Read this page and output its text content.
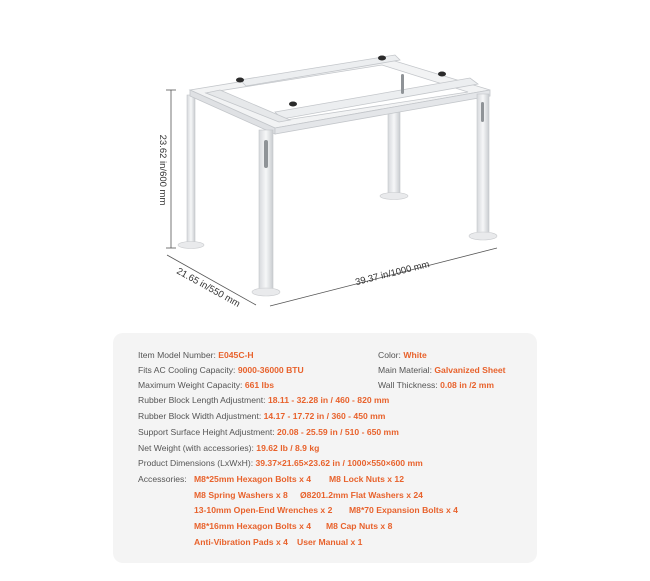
23.62 in/600 mm
21.65 in/550 mm	39.37 in/1000 mm
Item Model Number: E045C-H
Fits AC Cooling Capacity: 9000-36000 BTU
Maximum Weight Capacity: 661 lbs
Rubber Block Length Adjustment: 18.11 - 32.28 in / 460 - 820 mm
Rubber Block Width Adjustment: 14.17 - 17.72 in / 360 - 450 mm
Support Surface Height Adjustment: 20.08 - 25.59 in / 510 - 650 mm
Net Weight (with accessories): 19.62 lb / 8.9 kg
Product Dimensions (LxWxH): 39.37×21.65×23.62 in / 1000×550×600 mm
Color: White
Main Material: Galvanized Sheet
Wall Thickness: 0.08 in /2 mm
Accessories: M8*25mm Hexagon Bolts x 4 M8 Lock Nuts x 12
M8 Spring Washers x 8 Ø8201.2mm Flat Washers x 24
13-10mm Open-End Wrenches x 2 M8*70 Expansion Bolts x 4
M8*16mm Hexagon Bolts x 4 M8 Cap Nuts x 8
Anti-Vibration Pads x 4 User Manual x 1
